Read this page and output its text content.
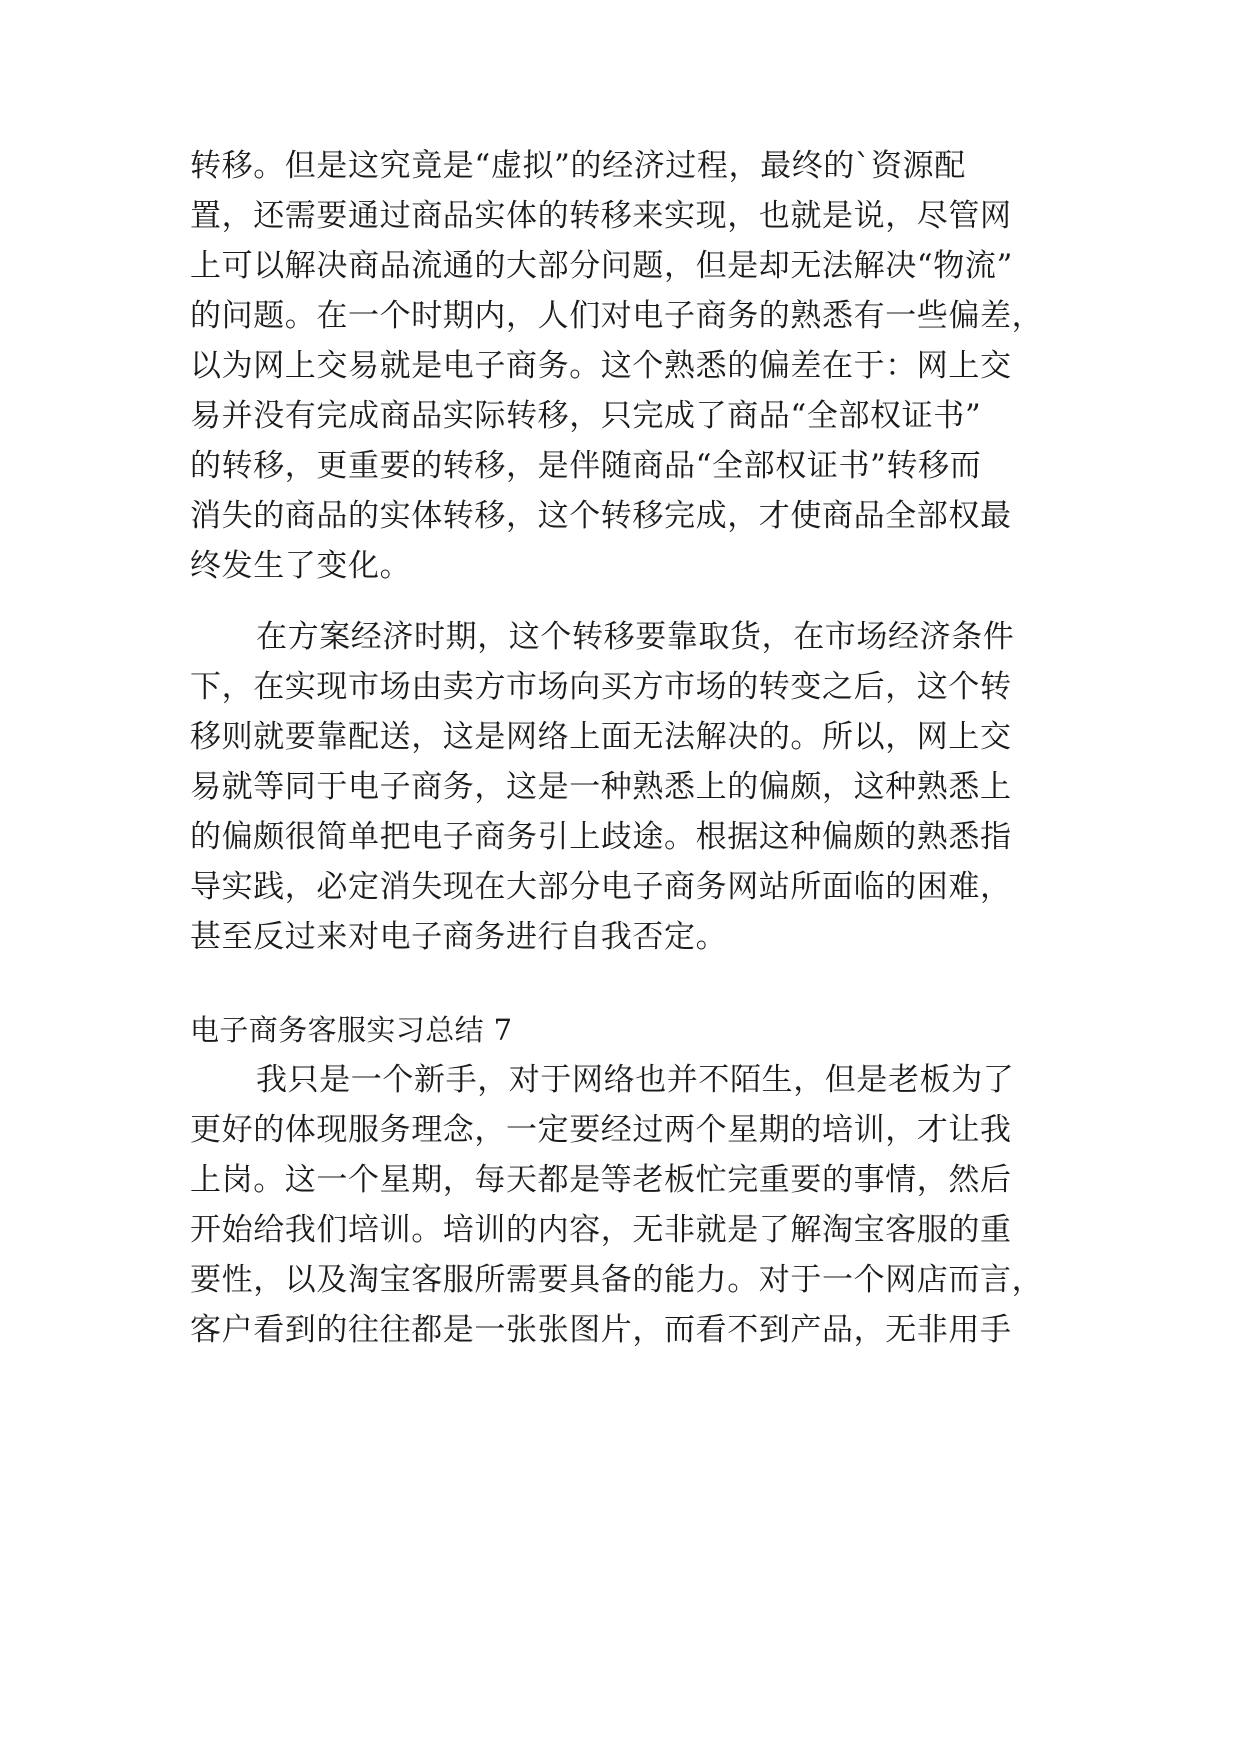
转移。但是这究竟是“虚拟”的经济过程，最终的`资源配
置，还需要通过商品实体的转移来实现，也就是说，尽管网
上可以解决商品流通的大部分问题，但是却无法解决“物流”
的问题。在一个时期内，人们对电子商务的熟悉有一些偏差，
以为网上交易就是电子商务。这个熟悉的偏差在于：网上交
易并没有完成商品实际转移，只完成了商品“全部权证书”
的转移，更重要的转移，是伴随商品“全部权证书”转移而
消失的商品的实体转移，这个转移完成，才使商品全部权最
终发生了变化。
在方案经济时期，这个转移要靠取货，在市场经济条件
下，在实现市场由卖方市场向买方市场的转变之后，这个转
移则就要靠配送，这是网络上面无法解决的。所以，网上交
易就等同于电子商务，这是一种熟悉上的偏颇，这种熟悉上
的偏颇很简单把电子商务引上歧途。根据这种偏颇的熟悉指
导实践，必定消失现在大部分电子商务网站所面临的困难，
甚至反过来对电子商务进行自我否定。
电子商务客服实习总结 7
我只是一个新手，对于网络也并不陌生，但是老板为了
更好的体现服务理念，一定要经过两个星期的培训，才让我
上岗。这一个星期，每天都是等老板忙完重要的事情，然后
开始给我们培训。培训的内容，无非就是了解淘宝客服的重
要性，以及淘宝客服所需要具备的能力。对于一个网店而言，
客户看到的往往都是一张张图片，而看不到产品，无非用手
